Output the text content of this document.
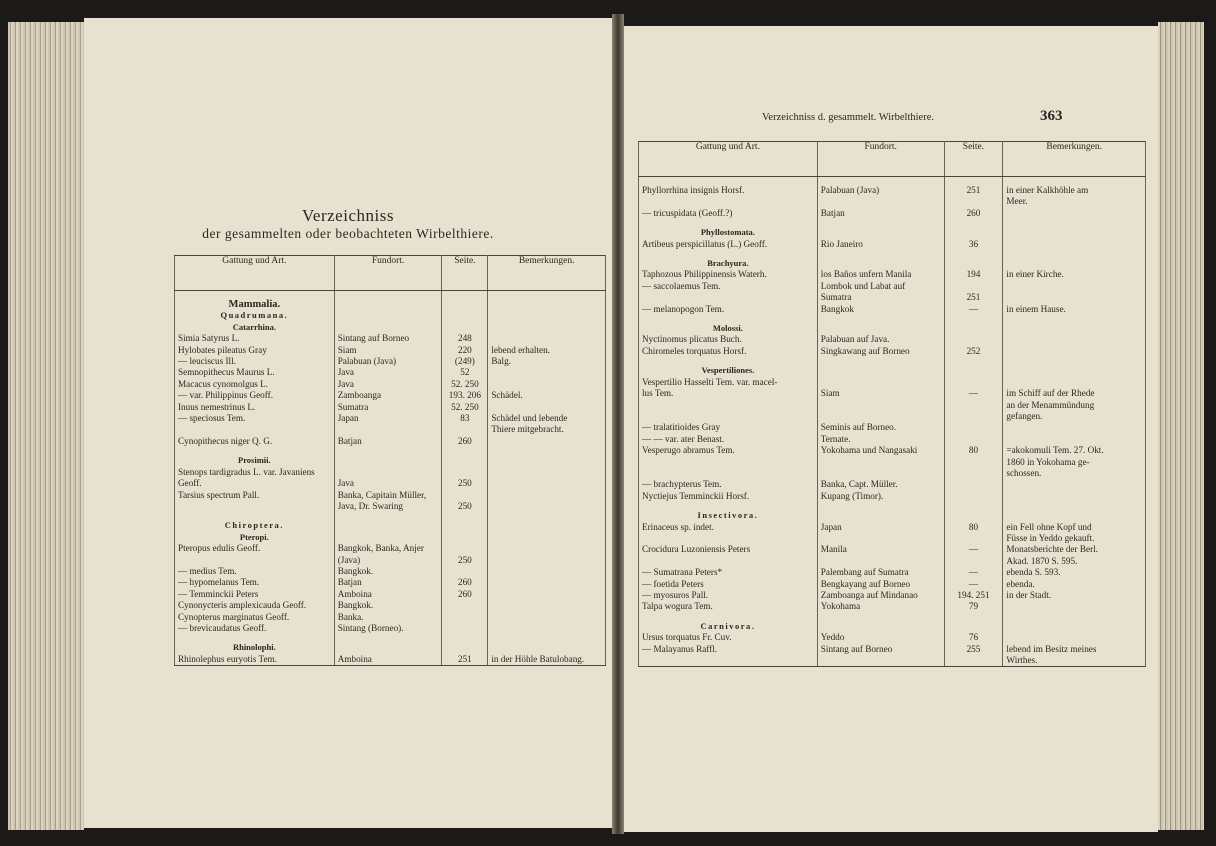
Verzeichniss
der gesammelten oder beobachteten Wirbelthiere.
Gattung und Art.	Fundort.	Seite.	Bemerkungen.

Mammalia.			
Quadrumana.			
Catarrhina.			
Simia Satyrus L.	Sintang auf Borneo	248	
Hylobates pileatus Gray	Siam	220	lebend erhalten.
— leuciscus Ill.	Palabuan (Java)	(249)	Balg.
Semnopithecus Maurus L.	Java	52	
Macacus cynomolgus L.	Java	52. 250	
— var. Philippinus Geoff.	Zamboanga	193. 206	Schädel.
Inuus nemestrinus L.	Sumatra	52. 250	
— speciosus Tem.	Japan	83	Schädel und lebende
			Thiere mitgebracht.
Cynopithecus niger Q. G.	Batjan	260	

Prosimii.			
Stenops tardigradus L. var. Javaniens			
Geoff.	Java	250	
Tarsius spectrum Pall.	Banka, Capitain Müller,		
	Java, Dr. Swaring	250	

Chiroptera.			
Pteropi.			
Pteropus edulis Geoff.	Bangkok, Banka, Anjer		
	(Java)	250	
— medius Tem.	Bangkok.		
— hypomelanus Tem.	Batjan	260	
— Temminckii Peters	Amboina	260	
Cynonycteris amplexicauda Geoff.	Bangkok.		
Cynopterus marginatus Geoff.	Banka.		
— brevicaudatus Geoff.	Sintang (Borneo).		

Rhinolophi.			
Rhinolephus euryotis Tem.	Amboina	251	in der Höhle Batulobang.
Verzeichniss d. gesammelt. Wirbelthiere.	363
Gattung und Art.	Fundort.	Seite.	Bemerkungen.

Phyllorrhina insignis Horsf.	Palabuan (Java)	251	in einer Kalkhöhle am
			Meer.
— tricuspidata (Geoff.?)	Batjan	260	

Phyllostomata.			
Artibeus perspicillatus (L.) Geoff.	Rio Janeiro	36	

Brachyura.			
Taphozous Philippinensis Waterh.	los Baños unfern Manila	194	in einer Kirche.
— saccolaemus Tem.	Lombok und Labat auf		
	Sumatra	251	
— melanopogon Tem.	Bangkok	—	in einem Hause.

Molossi.			
Nyctinomus plicatus Buch.	Palabuan auf Java.		
Chiromeles torquatus Horsf.	Singkawang auf Borneo	252	

Vespertiliones.			
Vespertilio Hasselti Tem. var. macel-			
lus Tem.	Siam	—	im Schiff auf der Rhede
			an der Menammündung
			gefangen.
— tralatitioides Gray	Seminis auf Borneo.		
— — var. ater Benast.	Ternate.		
Vesperugo abramus Tem.	Yokohama und Nangasaki	80	=akokomuli Tem. 27. Okt.
			1860 in Yokohama ge-
			schossen.
— brachypterus Tem.	Banka, Capt. Müller.		
Nyctiejus Temminckii Horsf.	Kupang (Timor).		

Insectivora.			
Erinaceus sp. indet.	Japan	80	ein Fell ohne Kopf und
			Füsse in Yeddo gekauft.
Crocidura Luzoniensis Peters	Manila	—	Monatsberichte der Berl.
			Akad. 1870 S. 595.
— Sumatrana Peters*	Palembang auf Sumatra	—	ebenda S. 593.
— foetida Peters	Bengkayang auf Borneo	—	ebenda.
— myosuros Pall.	Zamboanga auf Mindanao	194. 251	in der Stadt.
Talpa wogura Tem.	Yokohama	79	

Carnivora.			
Ursus torquatus Fr. Cuv.	Yeddo	76	
— Malayanus Raffl.	Sintang auf Borneo	255	lebend im Besitz meines
			Wirthes.
